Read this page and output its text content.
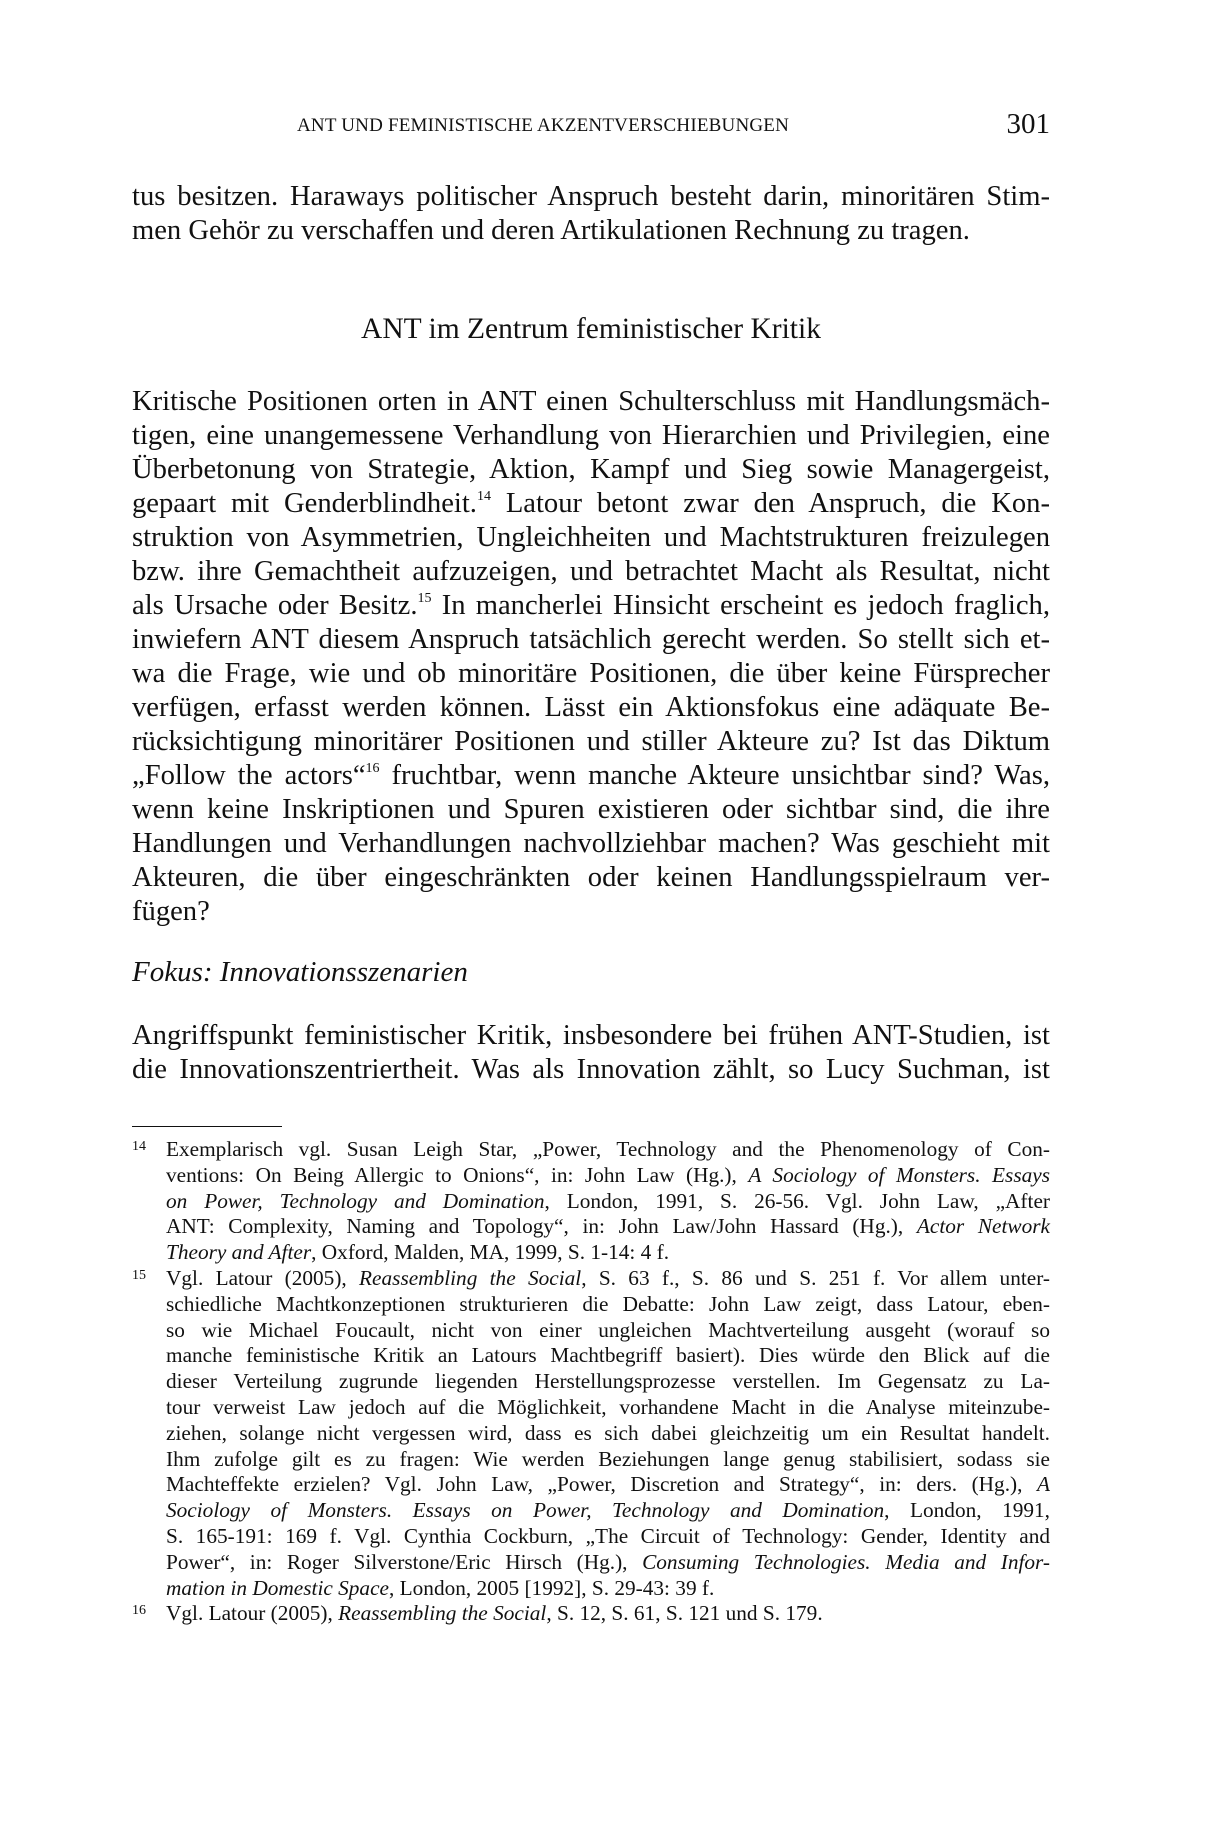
ANT UND FEMINISTISCHE AKZENTVERSCHIEBUNGEN	301

tus besitzen. Haraways politischer Anspruch besteht darin, minoritären Stim-
men Gehör zu verschaffen und deren Artikulationen Rechnung zu tragen.

ANT im Zentrum feministischer Kritik

Kritische Positionen orten in ANT einen Schulterschluss mit Handlungsmäch-
tigen, eine unangemessene Verhandlung von Hierarchien und Privilegien, eine
Überbetonung von Strategie, Aktion, Kampf und Sieg sowie Managergeist,
gepaart mit Genderblindheit.$^{14}$ Latour betont zwar den Anspruch, die Kon-
struktion von Asymmetrien, Ungleichheiten und Machtstrukturen freizulegen
bzw. ihre Gemachtheit aufzuzeigen, und betrachtet Macht als Resultat, nicht
als Ursache oder Besitz.$^{15}$ In mancherlei Hinsicht erscheint es jedoch fraglich,
inwiefern ANT diesem Anspruch tatsächlich gerecht werden. So stellt sich et-
wa die Frage, wie und ob minoritäre Positionen, die über keine Fürsprecher
verfügen, erfasst werden können. Lässt ein Aktionsfokus eine adäquate Be-
rücksichtigung minoritärer Positionen und stiller Akteure zu? Ist das Diktum
„Follow the actors“$^{16}$ fruchtbar, wenn manche Akteure unsichtbar sind? Was,
wenn keine Inskriptionen und Spuren existieren oder sichtbar sind, die ihre
Handlungen und Verhandlungen nachvollziehbar machen? Was geschieht mit
Akteuren, die über eingeschränkten oder keinen Handlungsspielraum ver-
fügen?

Fokus: Innovationsszenarien

Angriffspunkt feministischer Kritik, insbesondere bei frühen ANT-Studien, ist
die Innovationszentriertheit. Was als Innovation zählt, so Lucy Suchman, ist

14 Exemplarisch vgl. Susan Leigh Star, „Power, Technology and the Phenomenology of Con-
ventions: On Being Allergic to Onions“, in: John Law (Hg.), A Sociology of Monsters. Essays
on Power, Technology and Domination, London, 1991, S. 26-56. Vgl. John Law, „After
ANT: Complexity, Naming and Topology“, in: John Law/John Hassard (Hg.), Actor Network
Theory and After, Oxford, Malden, MA, 1999, S. 1-14: 4 f.

15 Vgl. Latour (2005), Reassembling the Social, S. 63 f., S. 86 und S. 251 f. Vor allem unter-
schiedliche Machtkonzeptionen strukturieren die Debatte: John Law zeigt, dass Latour, eben-
so wie Michael Foucault, nicht von einer ungleichen Machtverteilung ausgeht (worauf so
manche feministische Kritik an Latours Machtbegriff basiert). Dies würde den Blick auf die
dieser Verteilung zugrunde liegenden Herstellungsprozesse verstellen. Im Gegensatz zu La-
tour verweist Law jedoch auf die Möglichkeit, vorhandene Macht in die Analyse miteinzube-
ziehen, solange nicht vergessen wird, dass es sich dabei gleichzeitig um ein Resultat handelt.
Ihm zufolge gilt es zu fragen: Wie werden Beziehungen lange genug stabilisiert, sodass sie
Machteffekte erzielen? Vgl. John Law, „Power, Discretion and Strategy“, in: ders. (Hg.), A
Sociology of Monsters. Essays on Power, Technology and Domination, London, 1991,
S. 165-191: 169 f. Vgl. Cynthia Cockburn, „The Circuit of Technology: Gender, Identity and
Power“, in: Roger Silverstone/Eric Hirsch (Hg.), Consuming Technologies. Media and Infor-
mation in Domestic Space, London, 2005 [1992], S. 29-43: 39 f.

16 Vgl. Latour (2005), Reassembling the Social, S. 12, S. 61, S. 121 und S. 179.
